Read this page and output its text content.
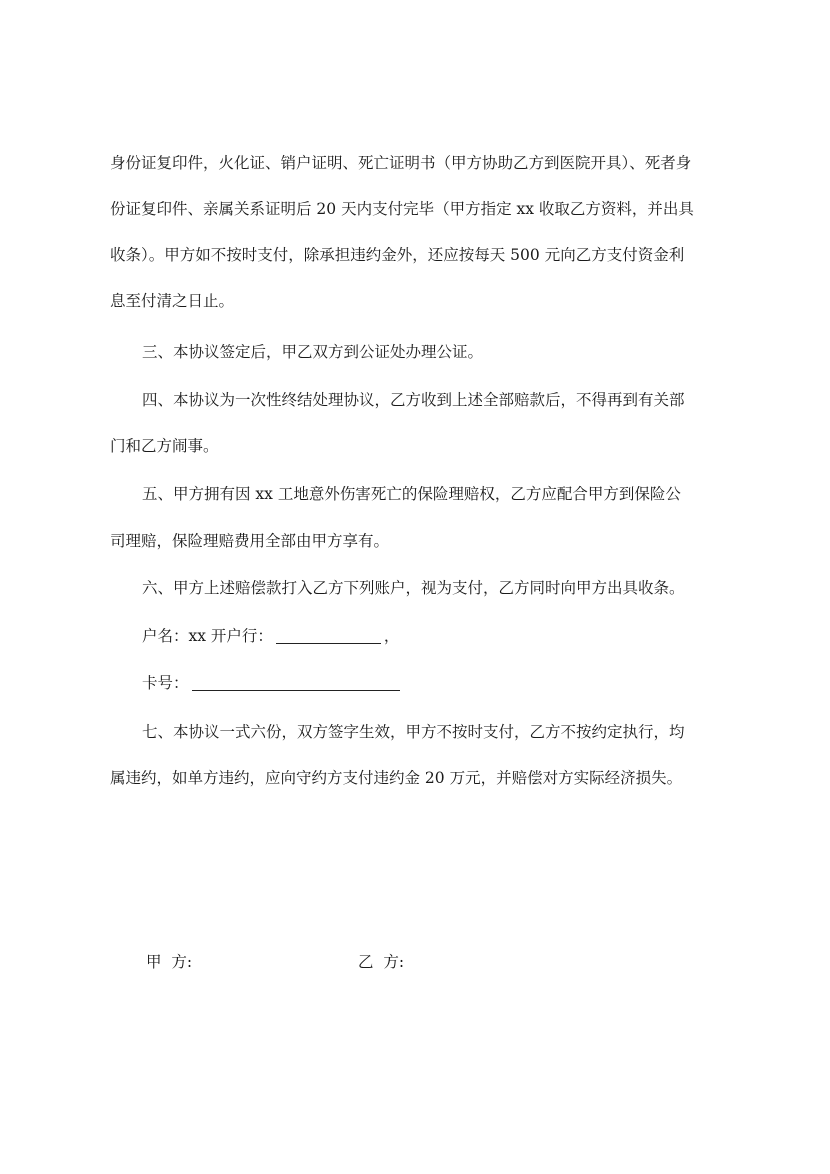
身份证复印件，火化证、销户证明、死亡证明书（甲方协助乙方到医院开具）、死者身
份证复印件、亲属关系证明后 20 天内支付完毕（甲方指定 xx 收取乙方资料，并出具
收条）。甲方如不按时支付，除承担违约金外，还应按每天 500 元向乙方支付资金利
息至付清之日止。
三、本协议签定后，甲乙双方到公证处办理公证。
四、本协议为一次性终结处理协议，乙方收到上述全部赔款后，不得再到有关部
门和乙方闹事。
五、甲方拥有因 xx 工地意外伤害死亡的保险理赔权，乙方应配合甲方到保险公
司理赔，保险理赔费用全部由甲方享有。
六、甲方上述赔偿款打入乙方下列账户，视为支付，乙方同时向甲方出具收条。
户名：xx 开户行：	，
卡号：
七、本协议一式六份，双方签字生效，甲方不按时支付，乙方不按约定执行，均
属违约，如单方违约，应向守约方支付违约金 20 万元，并赔偿对方实际经济损失。
甲  方:	乙  方:
